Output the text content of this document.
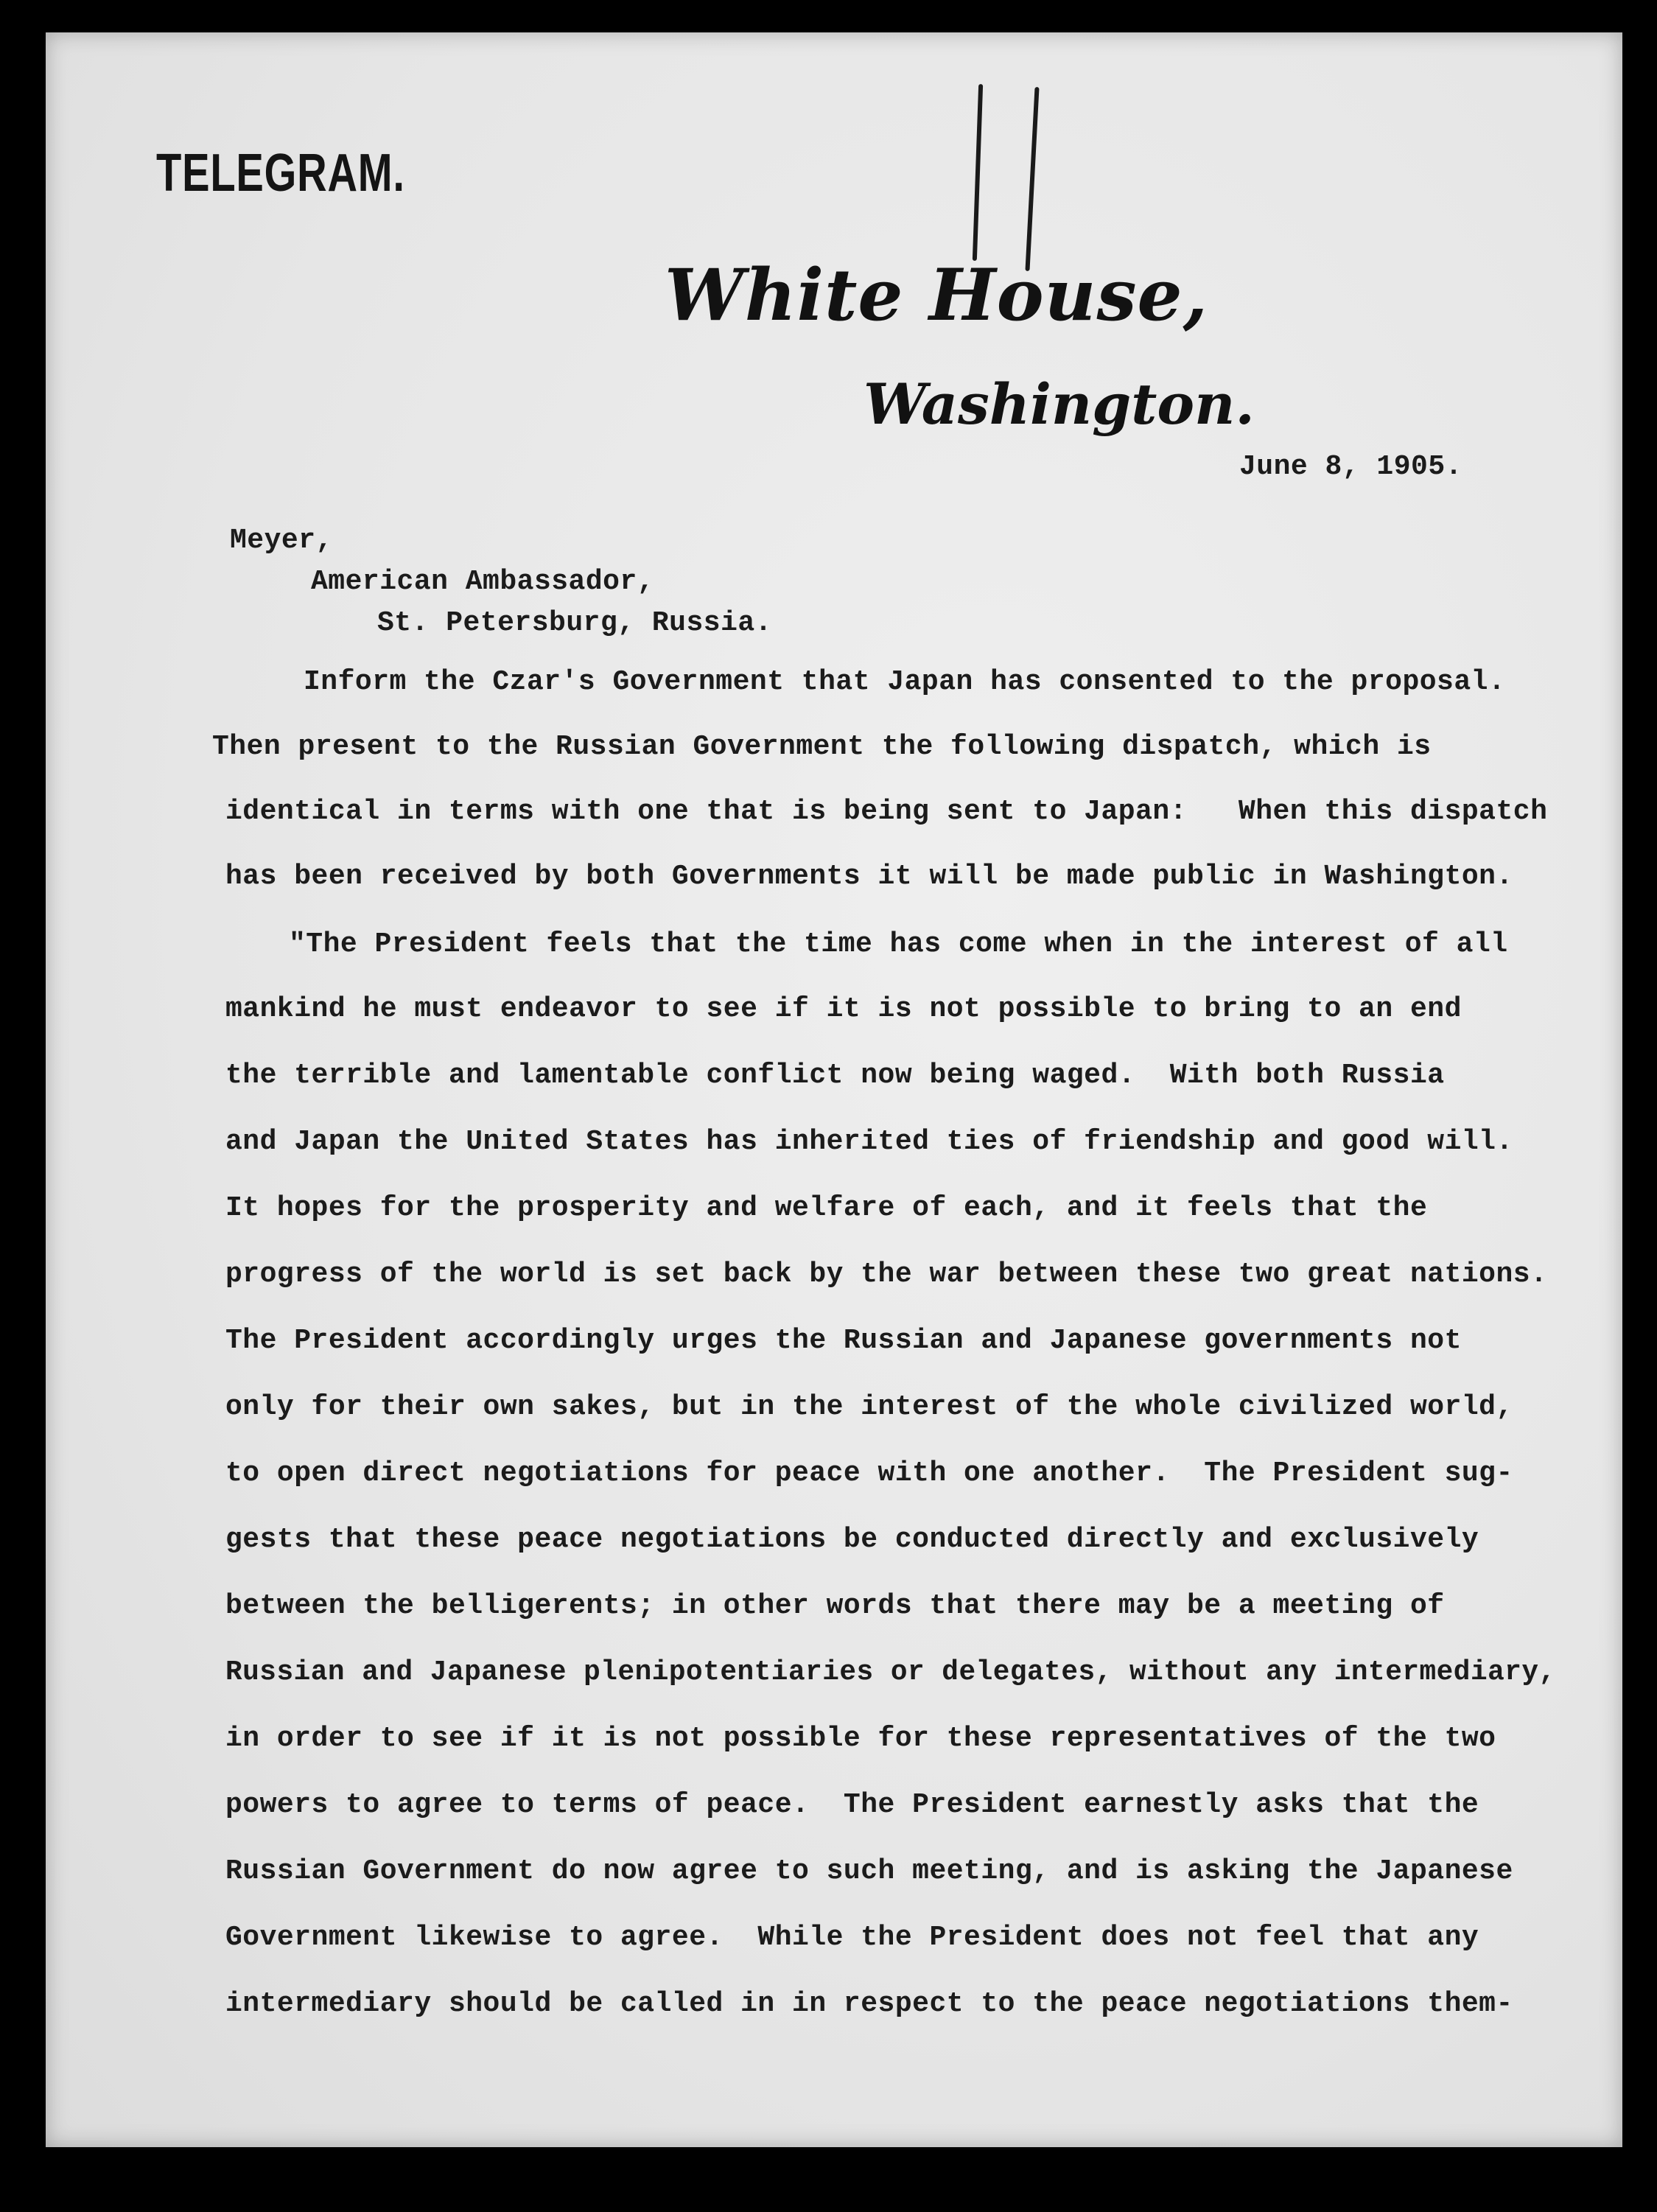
TELEGRAM.
White House,
Washington.
June 8, 1905.
Meyer,
American Ambassador,
St. Petersburg, Russia.
Inform the Czar's Government that Japan has consented to the proposal.
Then present to the Russian Government the following dispatch, which is
identical in terms with one that is being sent to Japan:   When this dispatch
has been received by both Governments it will be made public in Washington.
"The President feels that the time has come when in the interest of all
mankind he must endeavor to see if it is not possible to bring to an end
the terrible and lamentable conflict now being waged.  With both Russia
and Japan the United States has inherited ties of friendship and good will.
It hopes for the prosperity and welfare of each, and it feels that the
progress of the world is set back by the war between these two great nations.
The President accordingly urges the Russian and Japanese governments not
only for their own sakes, but in the interest of the whole civilized world,
to open direct negotiations for peace with one another.  The President sug-
gests that these peace negotiations be conducted directly and exclusively
between the belligerents; in other words that there may be a meeting of
Russian and Japanese plenipotentiaries or delegates, without any intermediary,
in order to see if it is not possible for these representatives of the two
powers to agree to terms of peace.  The President earnestly asks that the
Russian Government do now agree to such meeting, and is asking the Japanese
Government likewise to agree.  While the President does not feel that any
intermediary should be called in in respect to the peace negotiations them-
